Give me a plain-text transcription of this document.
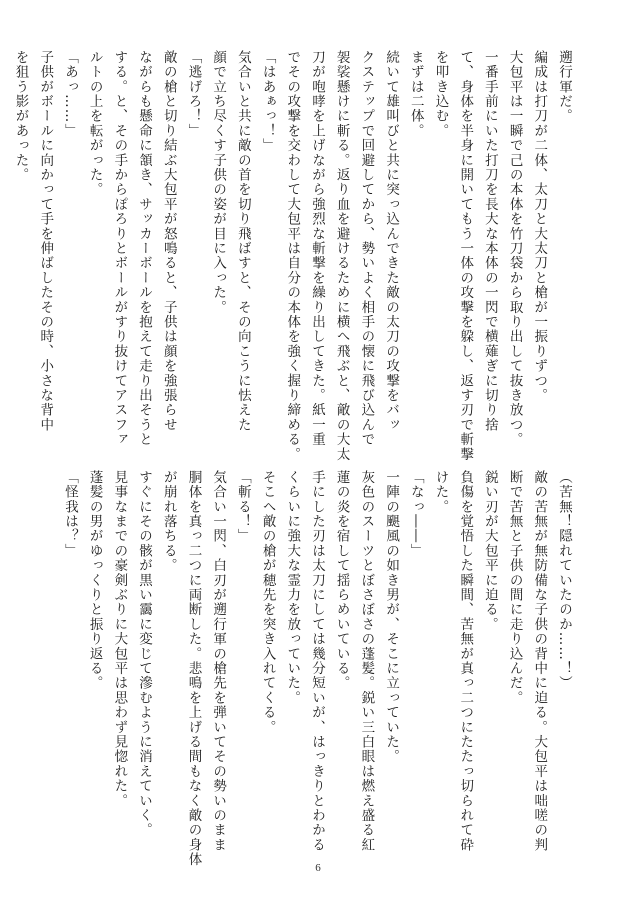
遡行軍だ。

編成は打刀が二体、太刀と大太刀と槍が一振りずつ。

大包平は一瞬で己の本体を竹刀袋から取り出して抜き放つ。

一番手前にいた打刀を長大な本体の一閃で横薙ぎに切り捨

て、身体を半身に開いてもう一体の攻撃を躱し、返す刃で斬撃

を叩き込む。

まずは二体。

続いて雄叫びと共に突っ込んできた敵の太刀の攻撃をバッ

クステップで回避してから、勢いよく相手の懐に飛び込んで

袈裟懸けに斬る。返り血を避けるために横へ飛ぶと、敵の大太

刀が咆哮を上げながら強烈な斬撃を繰り出してきた。紙一重

でその攻撃を交わして大包平は自分の本体を強く握り締める。

「はあぁっ！」

気合いと共に敵の首を切り飛ばすと、その向こうに怯えた

顔で立ち尽くす子供の姿が目に入った。

「逃げろ！」

敵の槍と切り結ぶ大包平が怒鳴ると、子供は顔を強張らせ

ながらも懸命に頷き、サッカーボールを抱えて走り出そうと

する。と、その手からぽろりとボールがすり抜けてアスファ

ルトの上を転がった。

「あっ……」

子供がボールに向かって手を伸ばしたその時、小さな背中

を狙う影があった。

（苦無！隠れていたのか……！）

敵の苦無が無防備な子供の背中に迫る。大包平は咄嗟の判

断で苦無と子供の間に走り込んだ。

鋭い刃が大包平に迫る。

負傷を覚悟した瞬間、苦無が真っ二つにたたっ切られて砕

けた。

「なっ――」

一陣の颶風の如き男が、そこに立っていた。

灰色のスーツとぼさぼさの蓬髪。鋭い三白眼は燃え盛る紅

蓮の炎を宿して揺らめいている。

手にした刃は太刀にしては幾分短いが、はっきりとわかる

くらいに強大な霊力を放っていた。

そこへ敵の槍が穂先を突き入れてくる。

「斬る！」

気合い一閃、白刃が遡行軍の槍先を弾いてその勢いのまま

胴体を真っ二つに両断した。悲鳴を上げる間もなく敵の身体

が崩れ落ちる。

すぐにその骸が黒い靄に変じて滲むように消えていく。

見事なまでの豪剣ぶりに大包平は思わず見惚れた。

蓬髪の男がゆっくりと振り返る。

「怪我は？」

6
